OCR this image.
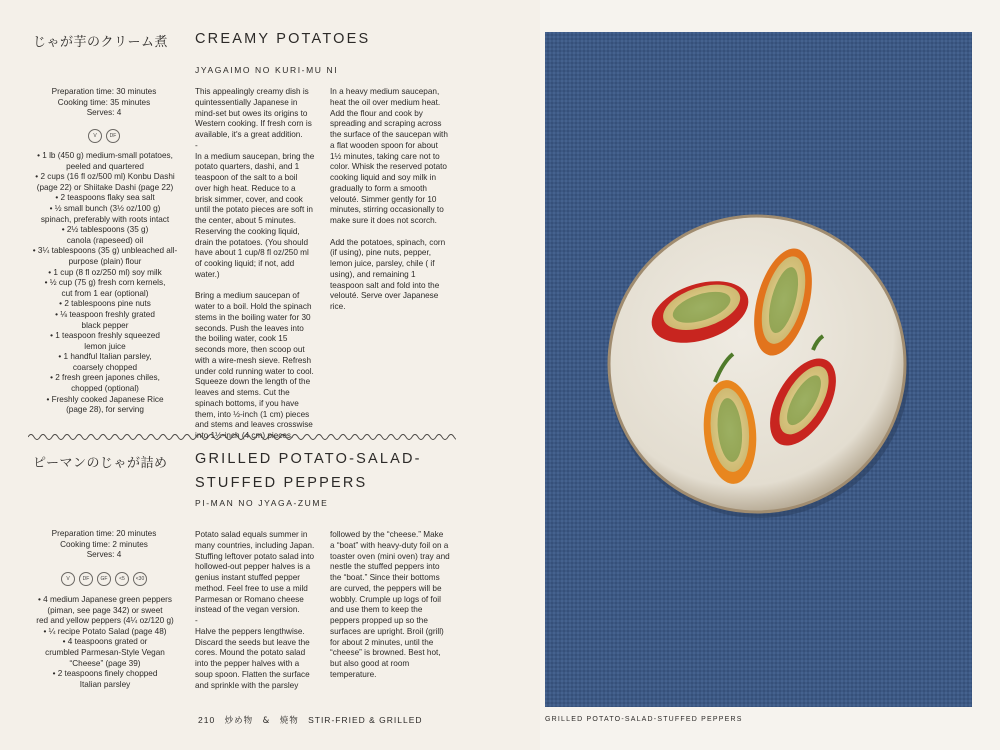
じゃが芋のクリーム煮 CREAMY POTATOES
JYAGAIMO NO KURI-MU NI
Preparation time: 30 minutes
Cooking time: 35 minutes
Serves: 4
V	DF
• 1 lb (450 g) medium-small potatoes,
peeled and quartered
• 2 cups (16 fl oz/500 ml) Konbu Dashi
(page 22) or Shiitake Dashi (page 22)
• 2 teaspoons flaky sea salt
• ½ small bunch (3½ oz/100 g)
spinach, preferably with roots intact
• 2½ tablespoons (35 g)
canola (rapeseed) oil
• 3¼ tablespoons (35 g) unbleached all-
purpose (plain) flour
• 1 cup (8 fl oz/250 ml) soy milk
• ½ cup (75 g) fresh corn kernels,
cut from 1 ear (optional)
• 2 tablespoons pine nuts
• ⅛ teaspoon freshly grated
black pepper
• 1 teaspoon freshly squeezed
lemon juice
• 1 handful Italian parsley,
coarsely chopped
• 2 fresh green japones chiles,
chopped (optional)
• Freshly cooked Japanese Rice
(page 28), for serving

This appealingly creamy dish is quintessentially Japanese in mind-set but owes its origins to Western cooking. If fresh corn is available, it's a great addition.

-

In a medium saucepan, bring the potato quarters, dashi, and 1 teaspoon of the salt to a boil over high heat. Reduce to a brisk simmer, cover, and cook until the potato pieces are soft in the center, about 5 minutes. Reserving the cooking liquid, drain the potatoes. (You should have about 1 cup/8 fl oz/250 ml of cooking liquid; if not, add water.)

Bring a medium saucepan of water to a boil. Hold the spinach stems in the boiling water for 30 seconds. Push the leaves into the boiling water, cook 15 seconds more, then scoop out with a wire-mesh sieve. Refresh under cold running water to cool. Squeeze down the length of the leaves and stems. Cut the spinach bottoms, if you have them, into ½-inch (1 cm) pieces and stems and leaves crosswise into 1½-inch (4 cm) pieces.

In a heavy medium saucepan, heat the oil over medium heat. Add the flour and cook by spreading and scraping across the surface of the saucepan with a flat wooden spoon for about 1½ minutes, taking care not to color. Whisk the reserved potato cooking liquid and soy milk in gradually to form a smooth velouté. Simmer gently for 10 minutes, stirring occasionally to make sure it does not scorch.

Add the potatoes, spinach, corn (if using), pine nuts, pepper, lemon juice, parsley, chile ( if using), and remaining 1 teaspoon salt and fold into the velouté. Serve over Japanese rice.

ピーマンのじゃが詰め GRILLED POTATO-SALAD-
STUFFED PEPPERS
PI-MAN NO JYAGA-ZUME
Preparation time: 20 minutes
Cooking time: 2 minutes
Serves: 4
V	DF	GF	<5	<30
• 4 medium Japanese green peppers
(piman, see page 342) or sweet
red and yellow peppers (4¼ oz/120 g)
• ¼ recipe Potato Salad (page 48)
• 4 teaspoons grated or
crumbled Parmesan-Style Vegan
“Cheese” (page 39)
• 2 teaspoons finely chopped
Italian parsley

Potato salad equals summer in many countries, including Japan. Stuffing leftover potato salad into hollowed-out pepper halves is a genius instant stuffed pepper method. Feel free to use a mild Parmesan or Romano cheese instead of the vegan version.

-

Halve the peppers lengthwise. Discard the seeds but leave the cores. Mound the potato salad into the pepper halves with a soup spoon. Flatten the surface and sprinkle with the parsley

followed by the “cheese.” Make a “boat” with heavy-duty foil on a toaster oven (mini oven) tray and nestle the stuffed peppers into the “boat.” Since their bottoms are curved, the peppers will be wobbly. Crumple up logs of foil and use them to keep the peppers propped up so the surfaces are upright. Broil (grill) for about 2 minutes, until the “cheese” is browned. Best hot, but also good at room temperature.

210 炒め物　&　焼物 STIR-FRIED & GRILLED	GRILLED POTATO-SALAD-STUFFED PEPPERS
